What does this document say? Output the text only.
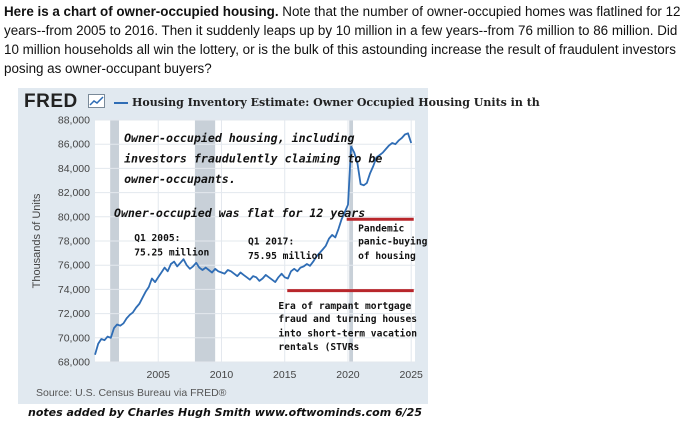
Here is a chart of owner-occupied housing. Note that the number of owner-occupied homes was flatlined for 12 years--from 2005 to 2016. Then it suddenly leaps up by 10 million in a few years--from 76 million to 86 million. Did 10 million households all win the lottery, or is the bulk of this astounding increase the result of fraudulent investors posing as owner-occupant buyers?

FRED	Housing Inventory Estimate: Owner Occupied Housing Units in th
68,000
70,000
72,000
74,000
76,000
78,000
80,000
82,000
84,000
86,000
88,000
2005	2010	2015	2020	2025
Thousands of Units
Owner-occupied housing, including
investors fraudulently claiming to be
owner-occupants.
Owner-occupied was flat for 12 years
Q1 2005:
75.25 million
Q1 2017:
75.95 million
Pandemic
panic-buying
of housing
Era of rampant mortgage
fraud and turning houses
into short-term vacation
rentals (STVRs
Source: U.S. Census Bureau via FRED®
notes added by Charles Hugh Smith www.oftwominds.com 6/25
